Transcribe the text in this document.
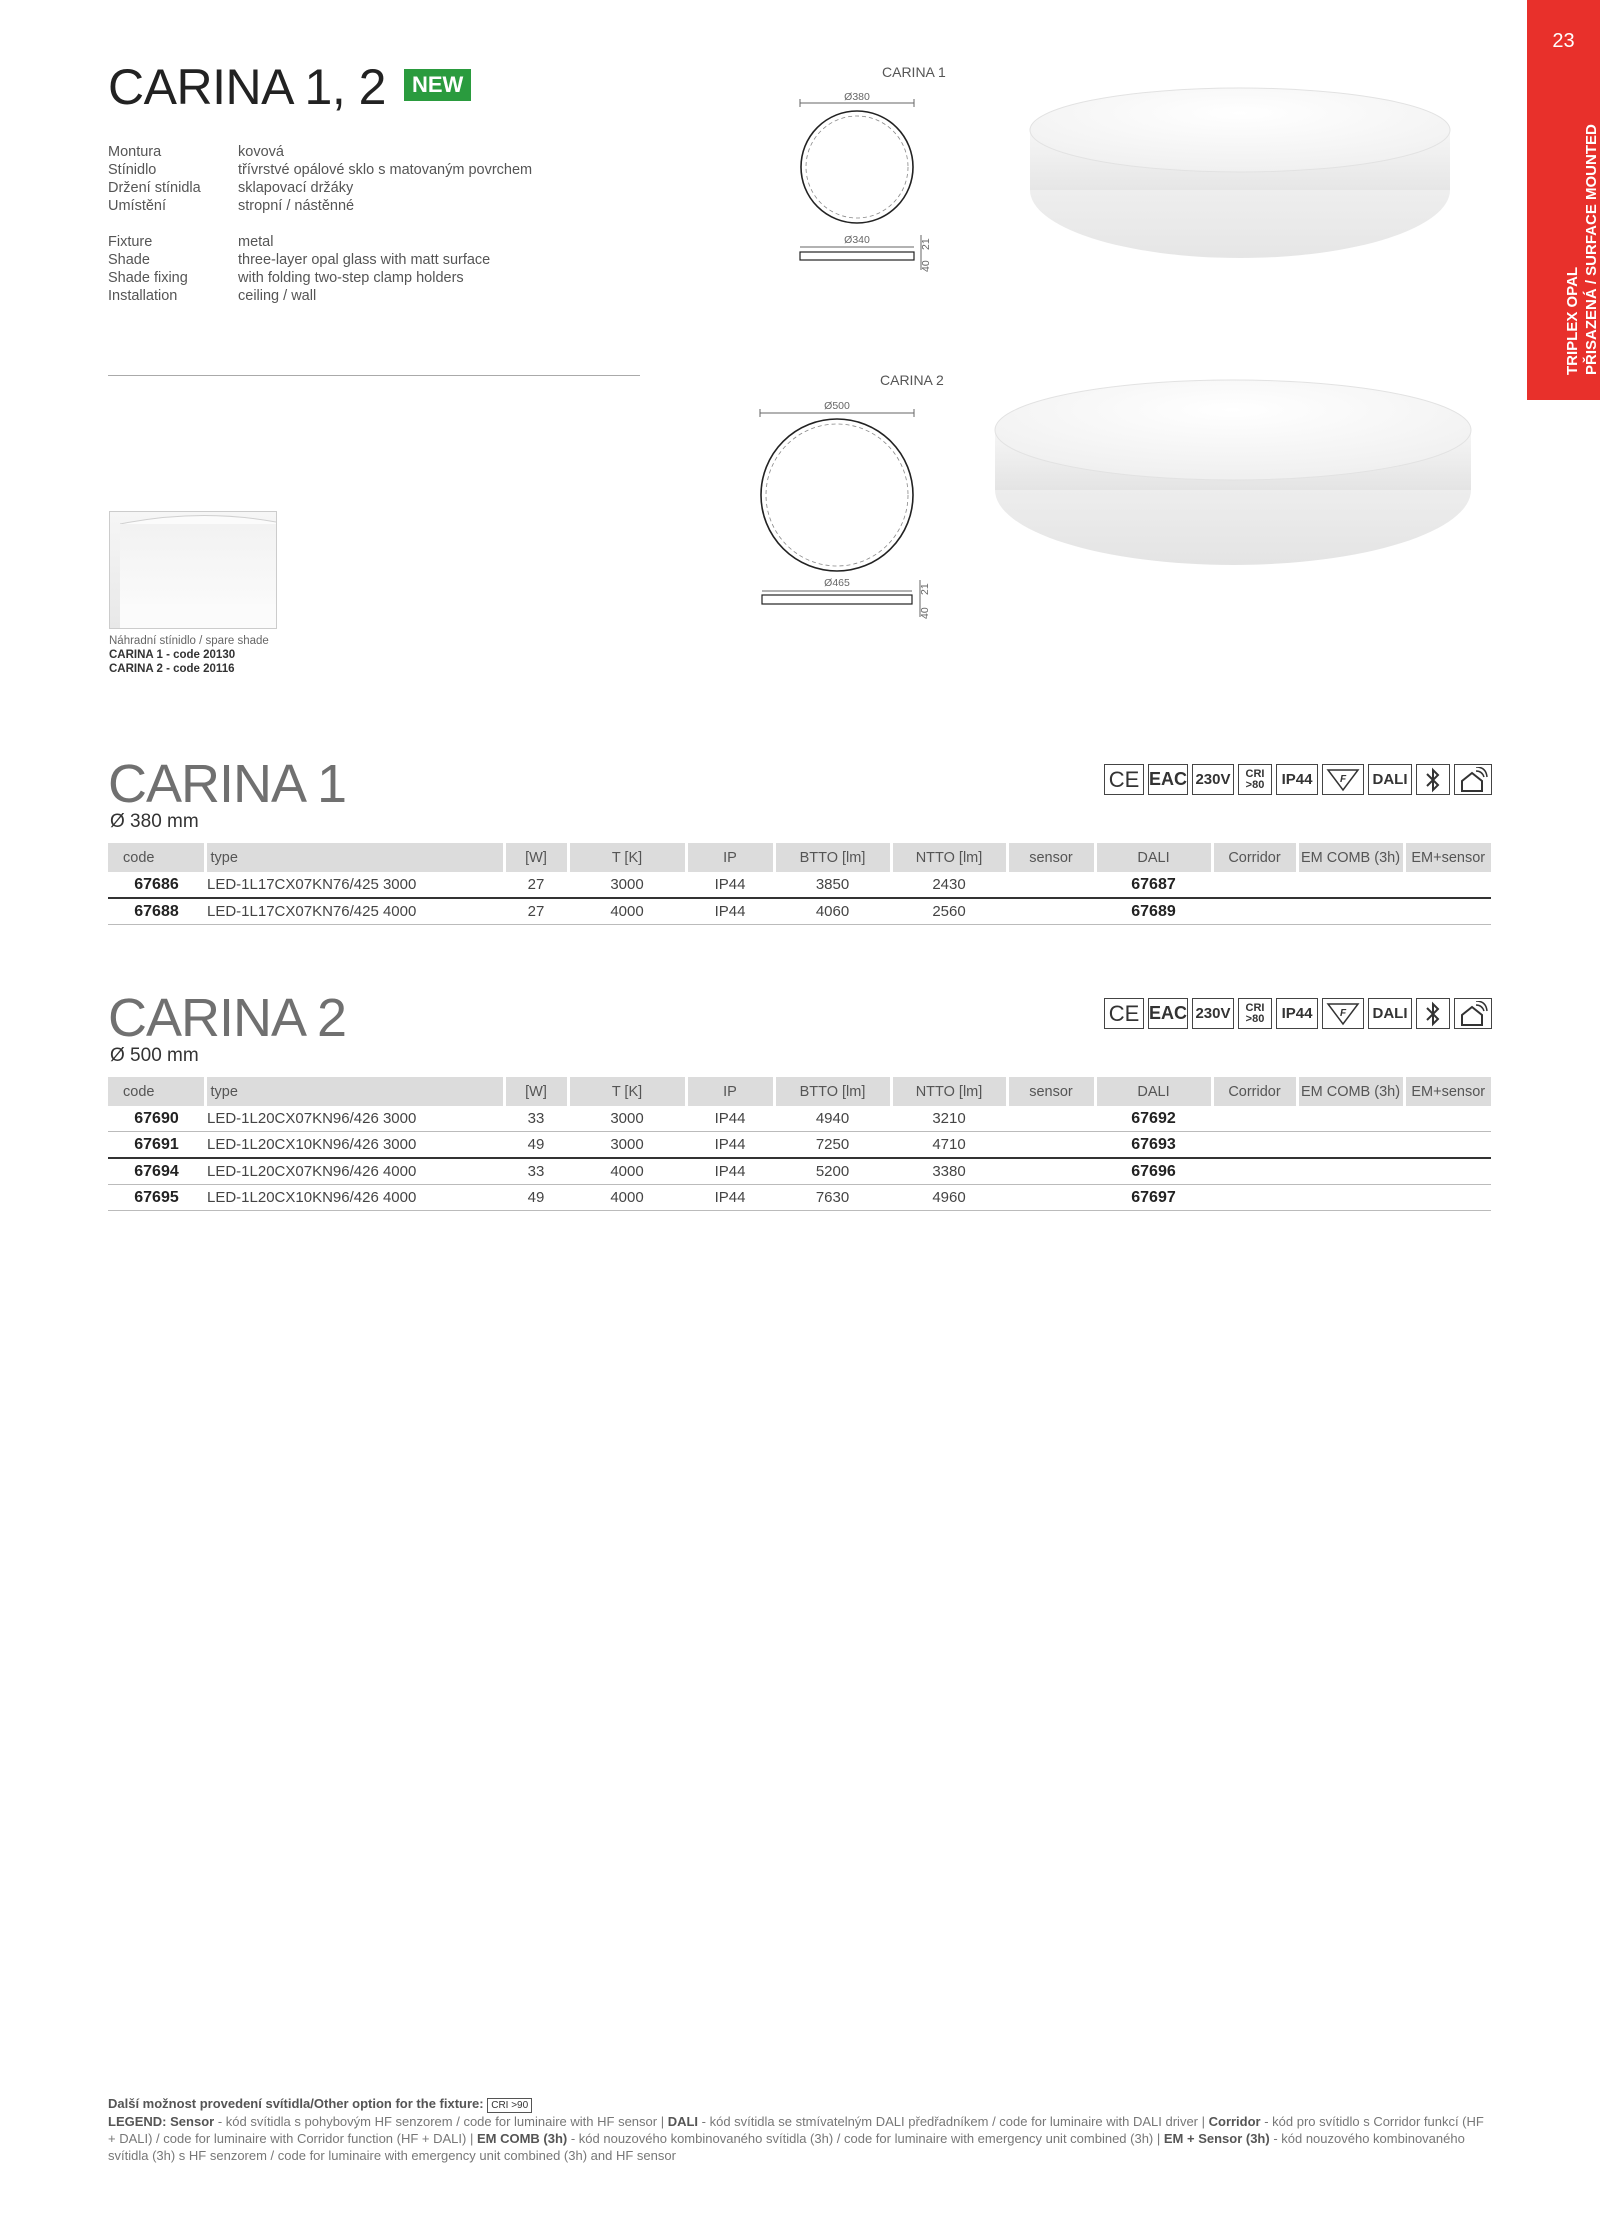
23
TRIPLEX OPAL PŘISAZENÁ / SURFACE MOUNTED
CARINA 1, 2	NEW
Montura	kovová
Stínidlo	třívrstvé opálové sklo s matovaným povrchem
Držení stínidla	sklapovací držáky
Umístění	stropní / nástěnné
Fixture	metal
Shade	three-layer opal glass with matt surface
Shade fixing	with folding two-step clamp holders
Installation	ceiling / wall
Náhradní stínidlo / spare shade
CARINA 1 - code 20130
CARINA 2 - code 20116
CARINA 1
Ø380
Ø340
40
21
CARINA 2
Ø500
Ø465
40
21
CARINA 1
Ø 380 mm
CE EAC 230V	CRI >80	IP44	F	DALI
code	type	[W]	T [K]	IP	BTTO [lm]	NTTO [lm]	sensor	DALI	Corridor	EM COMB (3h)	EM+sensor
67686	LED-1L17CX07KN76/425 3000	27	3000	IP44	3850	2430		67687			
67688	LED-1L17CX07KN76/425 4000	27	4000	IP44	4060	2560		67689			
CARINA 2
Ø 500 mm
CE EAC 230V	CRI >80	IP44	F	DALI
code	type	[W]	T [K]	IP	BTTO [lm]	NTTO [lm]	sensor	DALI	Corridor	EM COMB (3h)	EM+sensor
67690	LED-1L20CX07KN96/426 3000	33	3000	IP44	4940	3210		67692			
67691	LED-1L20CX10KN96/426 3000	49	3000	IP44	7250	4710		67693			
67694	LED-1L20CX07KN96/426 4000	33	4000	IP44	5200	3380		67696			
67695	LED-1L20CX10KN96/426 4000	49	4000	IP44	7630	4960		67697			
Další možnost provedení svítidla/Other option for the fixture: CRI >90
LEGEND: Sensor - kód svítidla s pohybovým HF senzorem / code for luminaire with HF sensor | DALI - kód svítidla se stmívatelným DALI předřadníkem / code for luminaire with DALI driver | Corridor - kód pro svítidlo s Corridor funkcí (HF + DALI) / code for luminaire with Corridor function (HF + DALI) | EM COMB (3h) - kód nouzového kombinovaného svítidla (3h) / code for luminaire with emergency unit combined (3h) | EM + Sensor (3h) - kód nouzového kombinovaného svítidla (3h) s HF senzorem / code for luminaire with emergency unit combined (3h) and HF sensor
